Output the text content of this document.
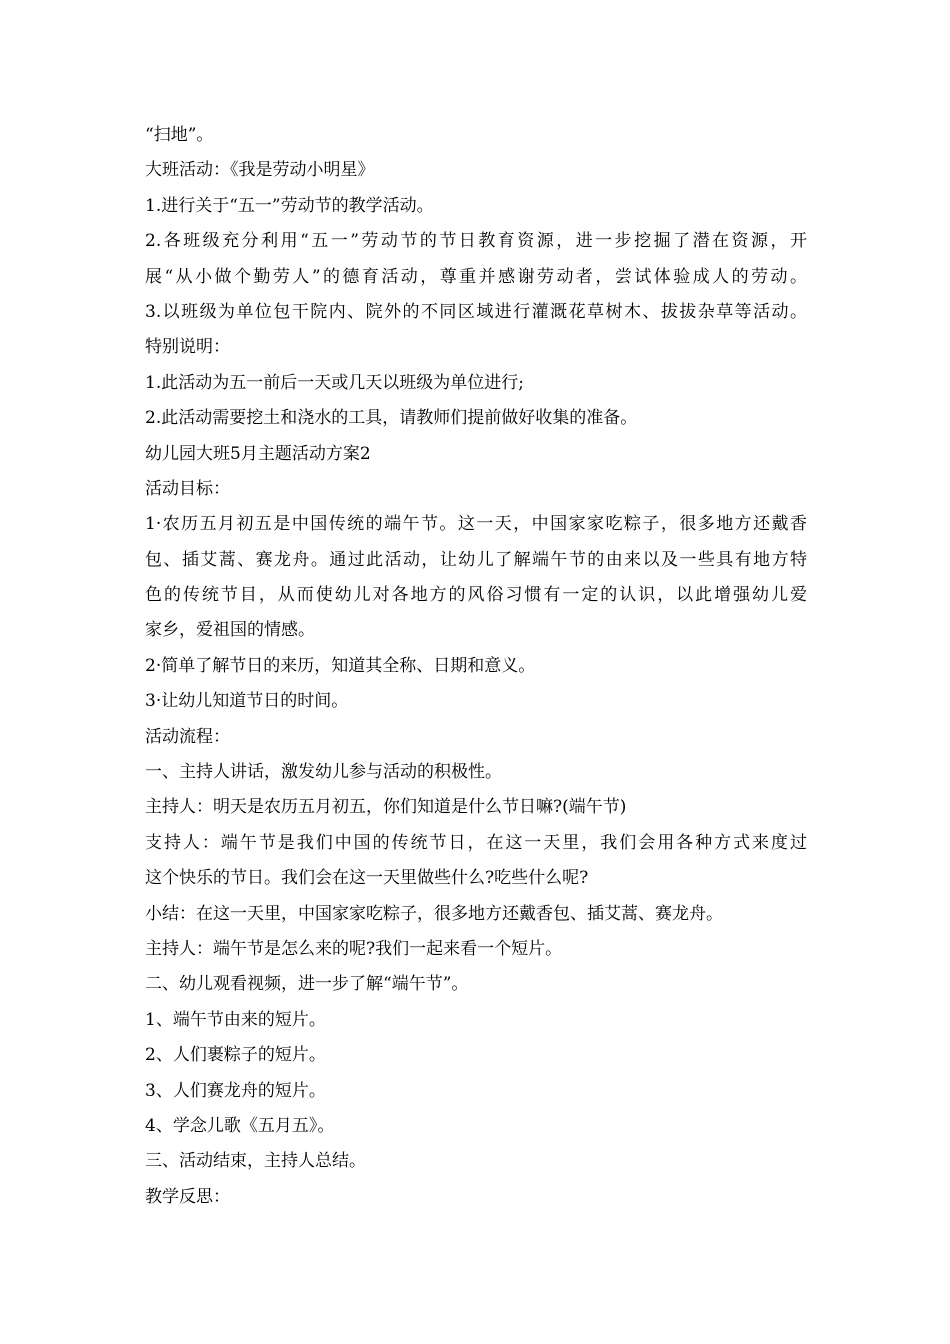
“扫地”。
大班活动：《我是劳动小明星》
1.进行关于“五一”劳动节的教学活动。
2.各班级充分利用“五一”劳动节的节日教育资源，进一步挖掘了潜在资源，开
展“从小做个勤劳人”的德育活动，尊重并感谢劳动者，尝试体验成人的劳动。
3.以班级为单位包干院内、院外的不同区域进行灌溉花草树木、拔拔杂草等活动。
特别说明：
1.此活动为五一前后一天或几天以班级为单位进行;
2.此活动需要挖土和浇水的工具，请教师们提前做好收集的准备。
幼儿园大班5月主题活动方案2
活动目标：
1·农历五月初五是中国传统的端午节。这一天，中国家家吃粽子，很多地方还戴香
包、插艾蒿、赛龙舟。通过此活动，让幼儿了解端午节的由来以及一些具有地方特
色的传统节目，从而使幼儿对各地方的风俗习惯有一定的认识，以此增强幼儿爱
家乡，爱祖国的情感。
2·简单了解节日的来历，知道其全称、日期和意义。
3·让幼儿知道节日的时间。
活动流程：
一、主持人讲话，激发幼儿参与活动的积极性。
主持人：明天是农历五月初五，你们知道是什么节日嘛?(端午节)
支持人：端午节是我们中国的传统节日，在这一天里，我们会用各种方式来度过
这个快乐的节日。我们会在这一天里做些什么?吃些什么呢?
小结：在这一天里，中国家家吃粽子，很多地方还戴香包、插艾蒿、赛龙舟。
主持人：端午节是怎么来的呢?我们一起来看一个短片。
二、幼儿观看视频，进一步了解“端午节”。
1、端午节由来的短片。
2、人们裹粽子的短片。
3、人们赛龙舟的短片。
4、学念儿歌《五月五》。
三、活动结束，主持人总结。
教学反思：
